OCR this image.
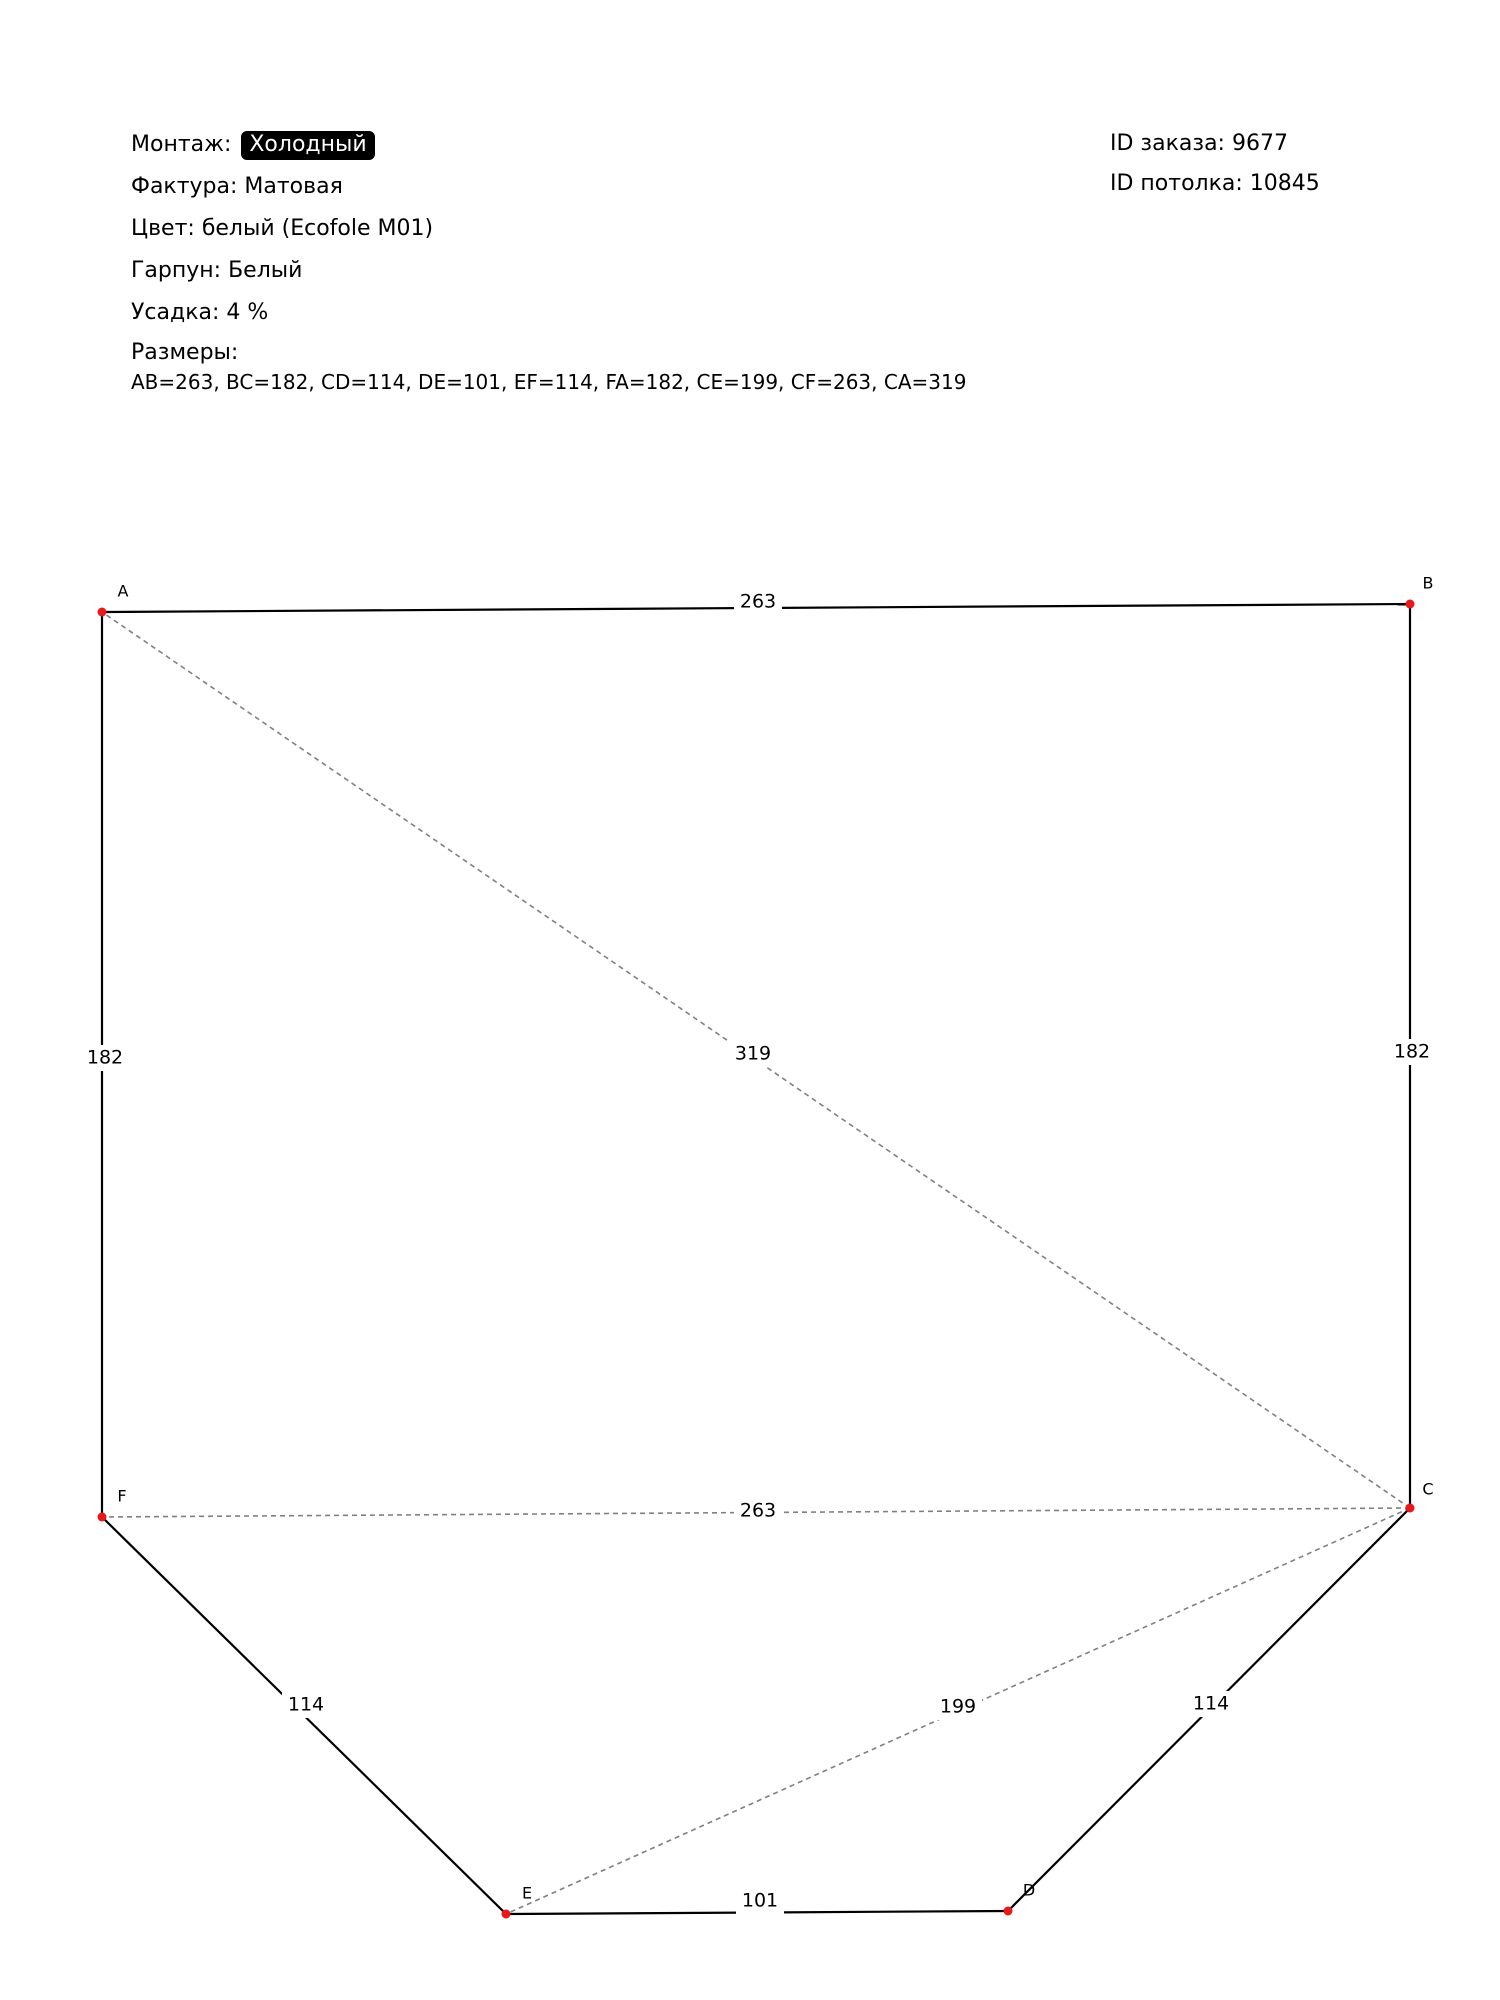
Монтаж: Холодный
Фактура: Матовая
Цвет: белый (Ecofole M01)
Гарпун: Белый
Усадка: 4 %
Размеры:
AB=263, BC=182, CD=114, DE=101, EF=114, FA=182, CE=199, CF=263, CA=319
ID заказа: 9677
ID потолка: 10845
263
182
114
101
114
182	319
263
199
A	B
C
D
E
F
